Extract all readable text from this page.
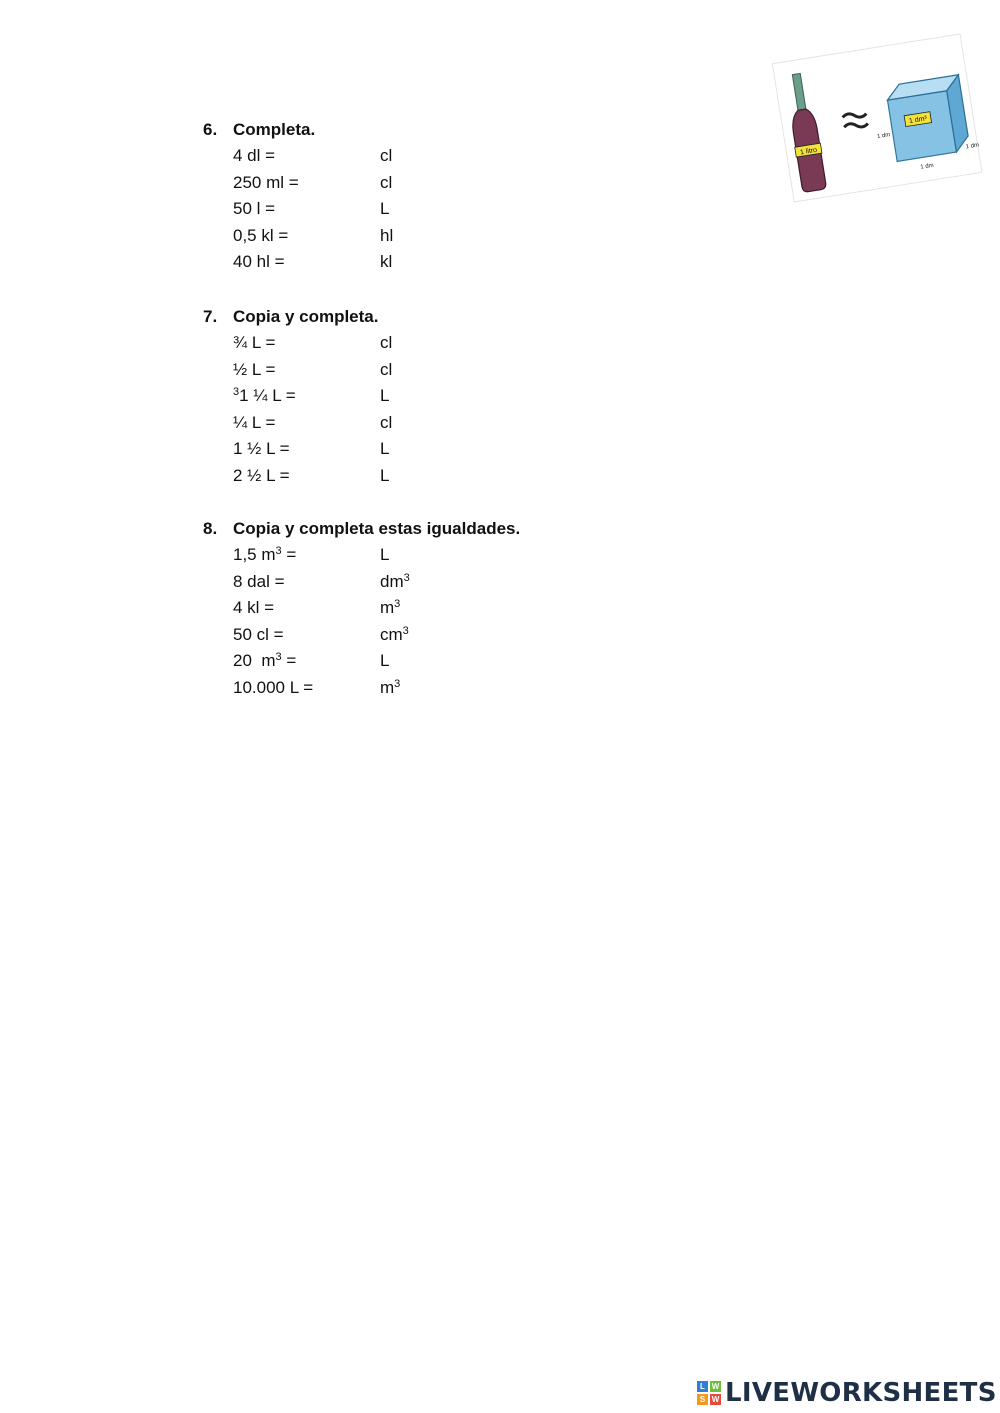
6. Completa.
4 dl =	cl
250 ml =	cl
50 l =	L
0,5 kl =	hl
40 hl =	kl
7. Copia y completa.
¾ L =	cl
½ L =	cl
$^3$1 ¼ L =	L
¼ L =	cl
1 ½ L =	L
2 ½ L =	L
8. Copia y completa estas igualdades.
1,5 $m^3$ =	L
8 dal =	$dm^3$
4 kl =	$m^3$
50 cl =	$cm^3$
20  $m^3$ =	L
10.000 L =	$m^3$
1 litro
1 dm³
1 dm
1 dm
1 dm
L W
S W LIVEWORKSHEETS
